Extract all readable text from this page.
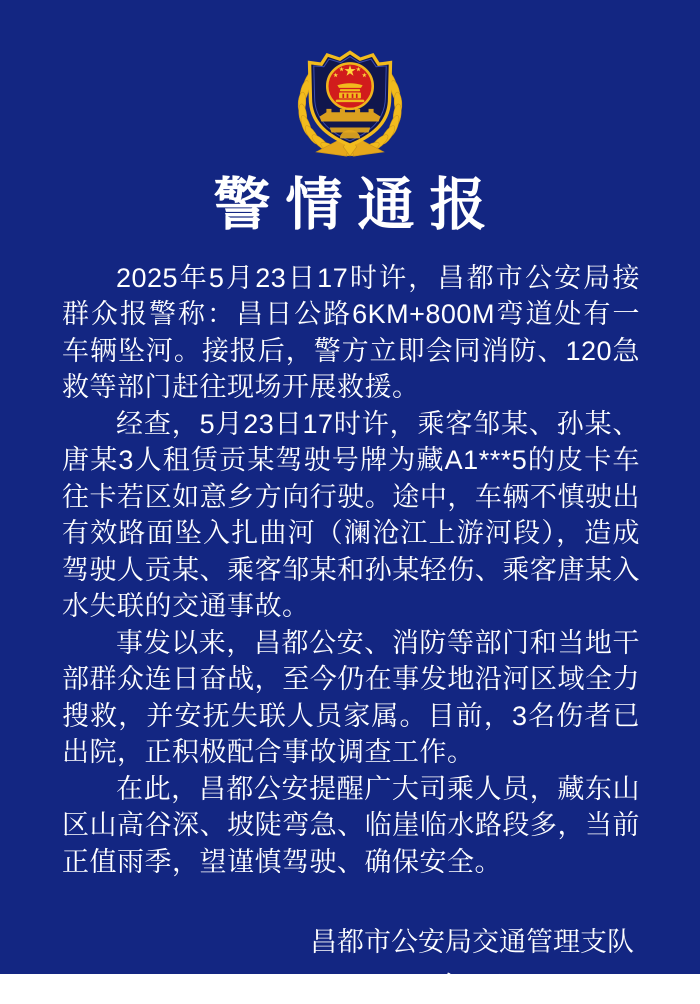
警情通报

2025年5月23日17时许，昌都市公安局接群众报警称：昌日公路6KM+800M弯道处有一车辆坠河。接报后，警方立即会同消防、120急救等部门赶往现场开展救援。

经查，5月23日17时许，乘客邹某、孙某、唐某3人租赁贡某驾驶号牌为藏A1***5的皮卡车往卡若区如意乡方向行驶。途中，车辆不慎驶出有效路面坠入扎曲河（澜沧江上游河段），造成驾驶人贡某、乘客邹某和孙某轻伤、乘客唐某入水失联的交通事故。

事发以来，昌都公安、消防等部门和当地干部群众连日奋战，至今仍在事发地沿河区域全力搜救，并安抚失联人员家属。目前，3名伤者已出院，正积极配合事故调查工作。

在此，昌都公安提醒广大司乘人员，藏东山区山高谷深、坡陡弯急、临崖临水路段多，当前正值雨季，望谨慎驾驶、确保安全。

昌都市公安局交通管理支队
2025年5月29日
